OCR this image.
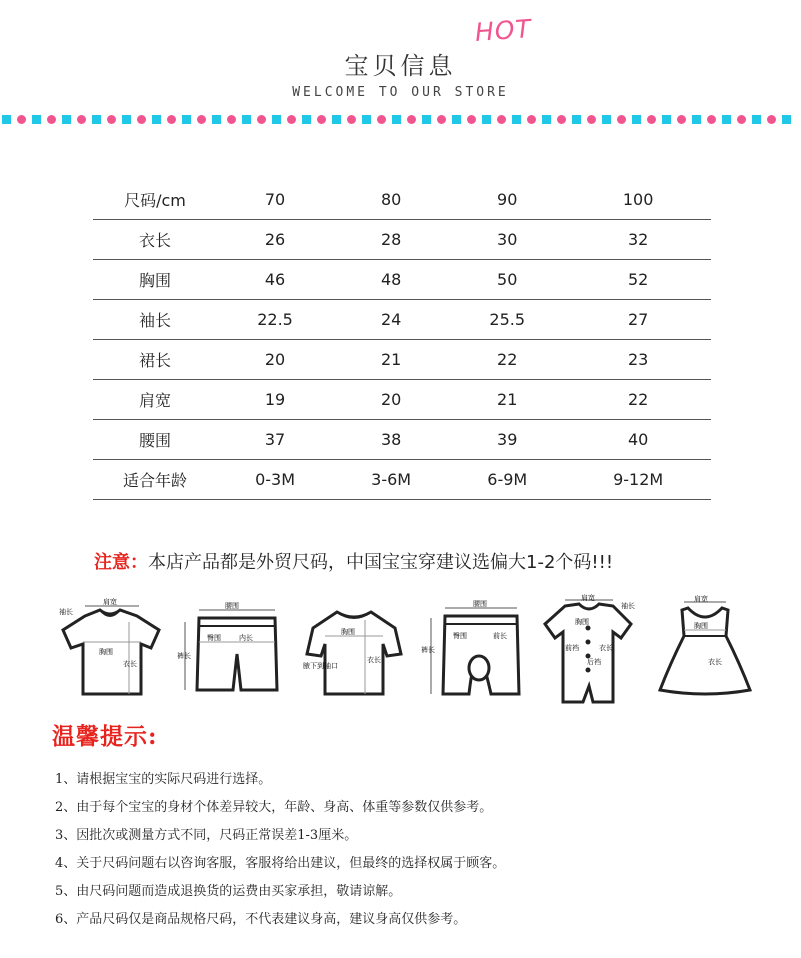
宝贝信息
HOT
WELCOME TO OUR STORE
尺码/cm	70	80	90	100
衣长	26	28	30	32
胸围	46	48	50	52
袖长	22.5	24	25.5	27
裙长	20	21	22	23
肩宽	19	20	21	22
腰围	37	38	39	40
适合年龄	0-3M	3-6M	6-9M	9-12M
注意：本店产品都是外贸尺码，中国宝宝穿建议选偏大1-2个码!!!
肩宽
袖长
胸围
衣长
腰围
臀围
裤长
内长
胸围
腋下到袖口
衣长
腰围
臀围	前长
裤长
肩宽
袖长
胸围
前裆
后裆
衣长
肩宽
胸围
衣长
温馨提示:
1、请根据宝宝的实际尺码进行选择。
2、由于每个宝宝的身材个体差异较大，年龄、身高、体重等参数仅供参考。
3、因批次或测量方式不同，尺码正常误差1-3厘米。
4、关于尺码问题右以咨询客服，客服将给出建议，但最终的选择权属于顾客。
5、由尺码问题而造成退换货的运费由买家承担，敬请谅解。
6、产品尺码仅是商品规格尺码，不代表建议身高，建议身高仅供参考。
